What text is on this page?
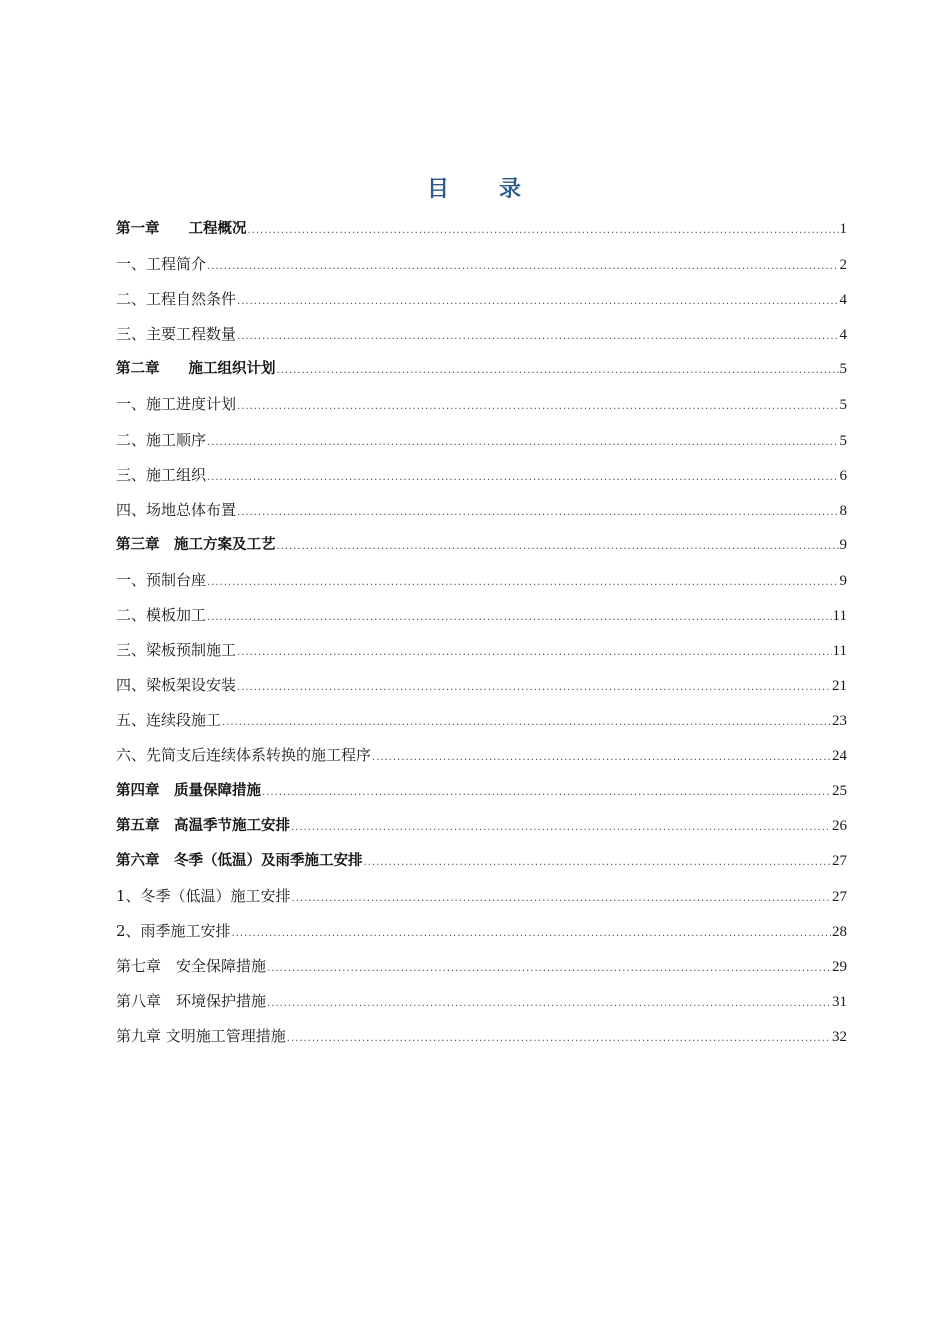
目　　录
第一章　　工程概况 .....	1
一、工程简介 .....	2
二、工程自然条件 .....	4
三、主要工程数量 .....	4
第二章　　施工组织计划 .....	5
一、施工进度计划 .....	5
二、施工顺序 .....	5
三、施工组织 .....	6
四、场地总体布置 .....	8
第三章　施工方案及工艺 .....	9
一、预制台座 .....	9
二、模板加工 .....	11
三、梁板预制施工 .....	11
四、梁板架设安装 .....	21
五、连续段施工 .....	23
六、先简支后连续体系转换的施工程序 .....	24
第四章　质量保障措施 .....	25
第五章　高温季节施工安排 .....	26
第六章　冬季（低温）及雨季施工安排 .....	27
1、冬季（低温）施工安排 .....	27
2、雨季施工安排 .....	28
第七章　安全保障措施 .....	29
第八章　环境保护措施 .....	31
第九章 文明施工管理措施 .....	32
